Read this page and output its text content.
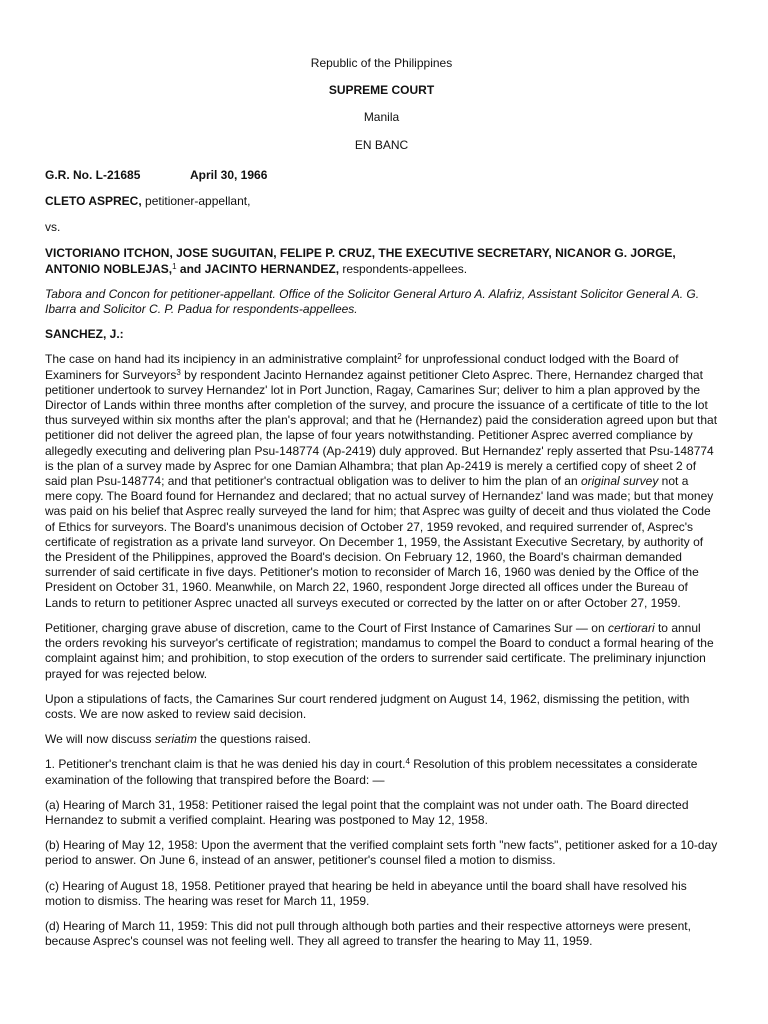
Republic of the Philippines
SUPREME COURT
Manila
EN BANC
G.R. No. L-21685	April 30, 1966

CLETO ASPREC, petitioner-appellant,

vs.

VICTORIANO ITCHON, JOSE SUGUITAN, FELIPE P. CRUZ, THE EXECUTIVE SECRETARY, NICANOR G. JORGE, ANTONIO NOBLEJAS,$^1$ and JACINTO HERNANDEZ, respondents-appellees.

Tabora and Concon for petitioner-appellant. Office of the Solicitor General Arturo A. Alafriz, Assistant Solicitor General A. G. Ibarra and Solicitor C. P. Padua for respondents-appellees.

SANCHEZ, J.:

The case on hand had its incipiency in an administrative complaint$^2$ for unprofessional conduct lodged with the Board of Examiners for Surveyors$^3$ by respondent Jacinto Hernandez against petitioner Cleto Asprec. There, Hernandez charged that petitioner undertook to survey Hernandez' lot in Port Junction, Ragay, Camarines Sur; deliver to him a plan approved by the Director of Lands within three months after completion of the survey, and procure the issuance of a certificate of title to the lot thus surveyed within six months after the plan's approval; and that he (Hernandez) paid the consideration agreed upon but that petitioner did not deliver the agreed plan, the lapse of four years notwithstanding. Petitioner Asprec averred compliance by allegedly executing and delivering plan Psu-148774 (Ap-2419) duly approved. But Hernandez' reply asserted that Psu-148774 is the plan of a survey made by Asprec for one Damian Alhambra; that plan Ap-2419 is merely a certified copy of sheet 2 of said plan Psu-148774; and that petitioner's contractual obligation was to deliver to him the plan of an original survey not a mere copy. The Board found for Hernandez and declared; that no actual survey of Hernandez' land was made; but that money was paid on his belief that Asprec really surveyed the land for him; that Asprec was guilty of deceit and thus violated the Code of Ethics for surveyors. The Board's unanimous decision of October 27, 1959 revoked, and required surrender of, Asprec's certificate of registration as a private land surveyor. On December 1, 1959, the Assistant Executive Secretary, by authority of the President of the Philippines, approved the Board's decision. On February 12, 1960, the Board's chairman demanded surrender of said certificate in five days. Petitioner's motion to reconsider of March 16, 1960 was denied by the Office of the President on October 31, 1960. Meanwhile, on March 22, 1960, respondent Jorge directed all offices under the Bureau of Lands to return to petitioner Asprec unacted all surveys executed or corrected by the latter on or after October 27, 1959.

Petitioner, charging grave abuse of discretion, came to the Court of First Instance of Camarines Sur — on certiorari to annul the orders revoking his surveyor's certificate of registration; mandamus to compel the Board to conduct a formal hearing of the complaint against him; and prohibition, to stop execution of the orders to surrender said certificate. The preliminary injunction prayed for was rejected below.

Upon a stipulations of facts, the Camarines Sur court rendered judgment on August 14, 1962, dismissing the petition, with costs. We are now asked to review said decision.

We will now discuss seriatim the questions raised.

1. Petitioner's trenchant claim is that he was denied his day in court.$^4$ Resolution of this problem necessitates a considerate examination of the following that transpired before the Board: —

(a) Hearing of March 31, 1958: Petitioner raised the legal point that the complaint was not under oath. The Board directed Hernandez to submit a verified complaint. Hearing was postponed to May 12, 1958.

(b) Hearing of May 12, 1958: Upon the averment that the verified complaint sets forth "new facts", petitioner asked for a 10-day period to answer. On June 6, instead of an answer, petitioner's counsel filed a motion to dismiss.

(c) Hearing of August 18, 1958. Petitioner prayed that hearing be held in abeyance until the board shall have resolved his motion to dismiss. The hearing was reset for March 11, 1959.

(d) Hearing of March 11, 1959: This did not pull through although both parties and their respective attorneys were present, because Asprec's counsel was not feeling well. They all agreed to transfer the hearing to May 11, 1959.
